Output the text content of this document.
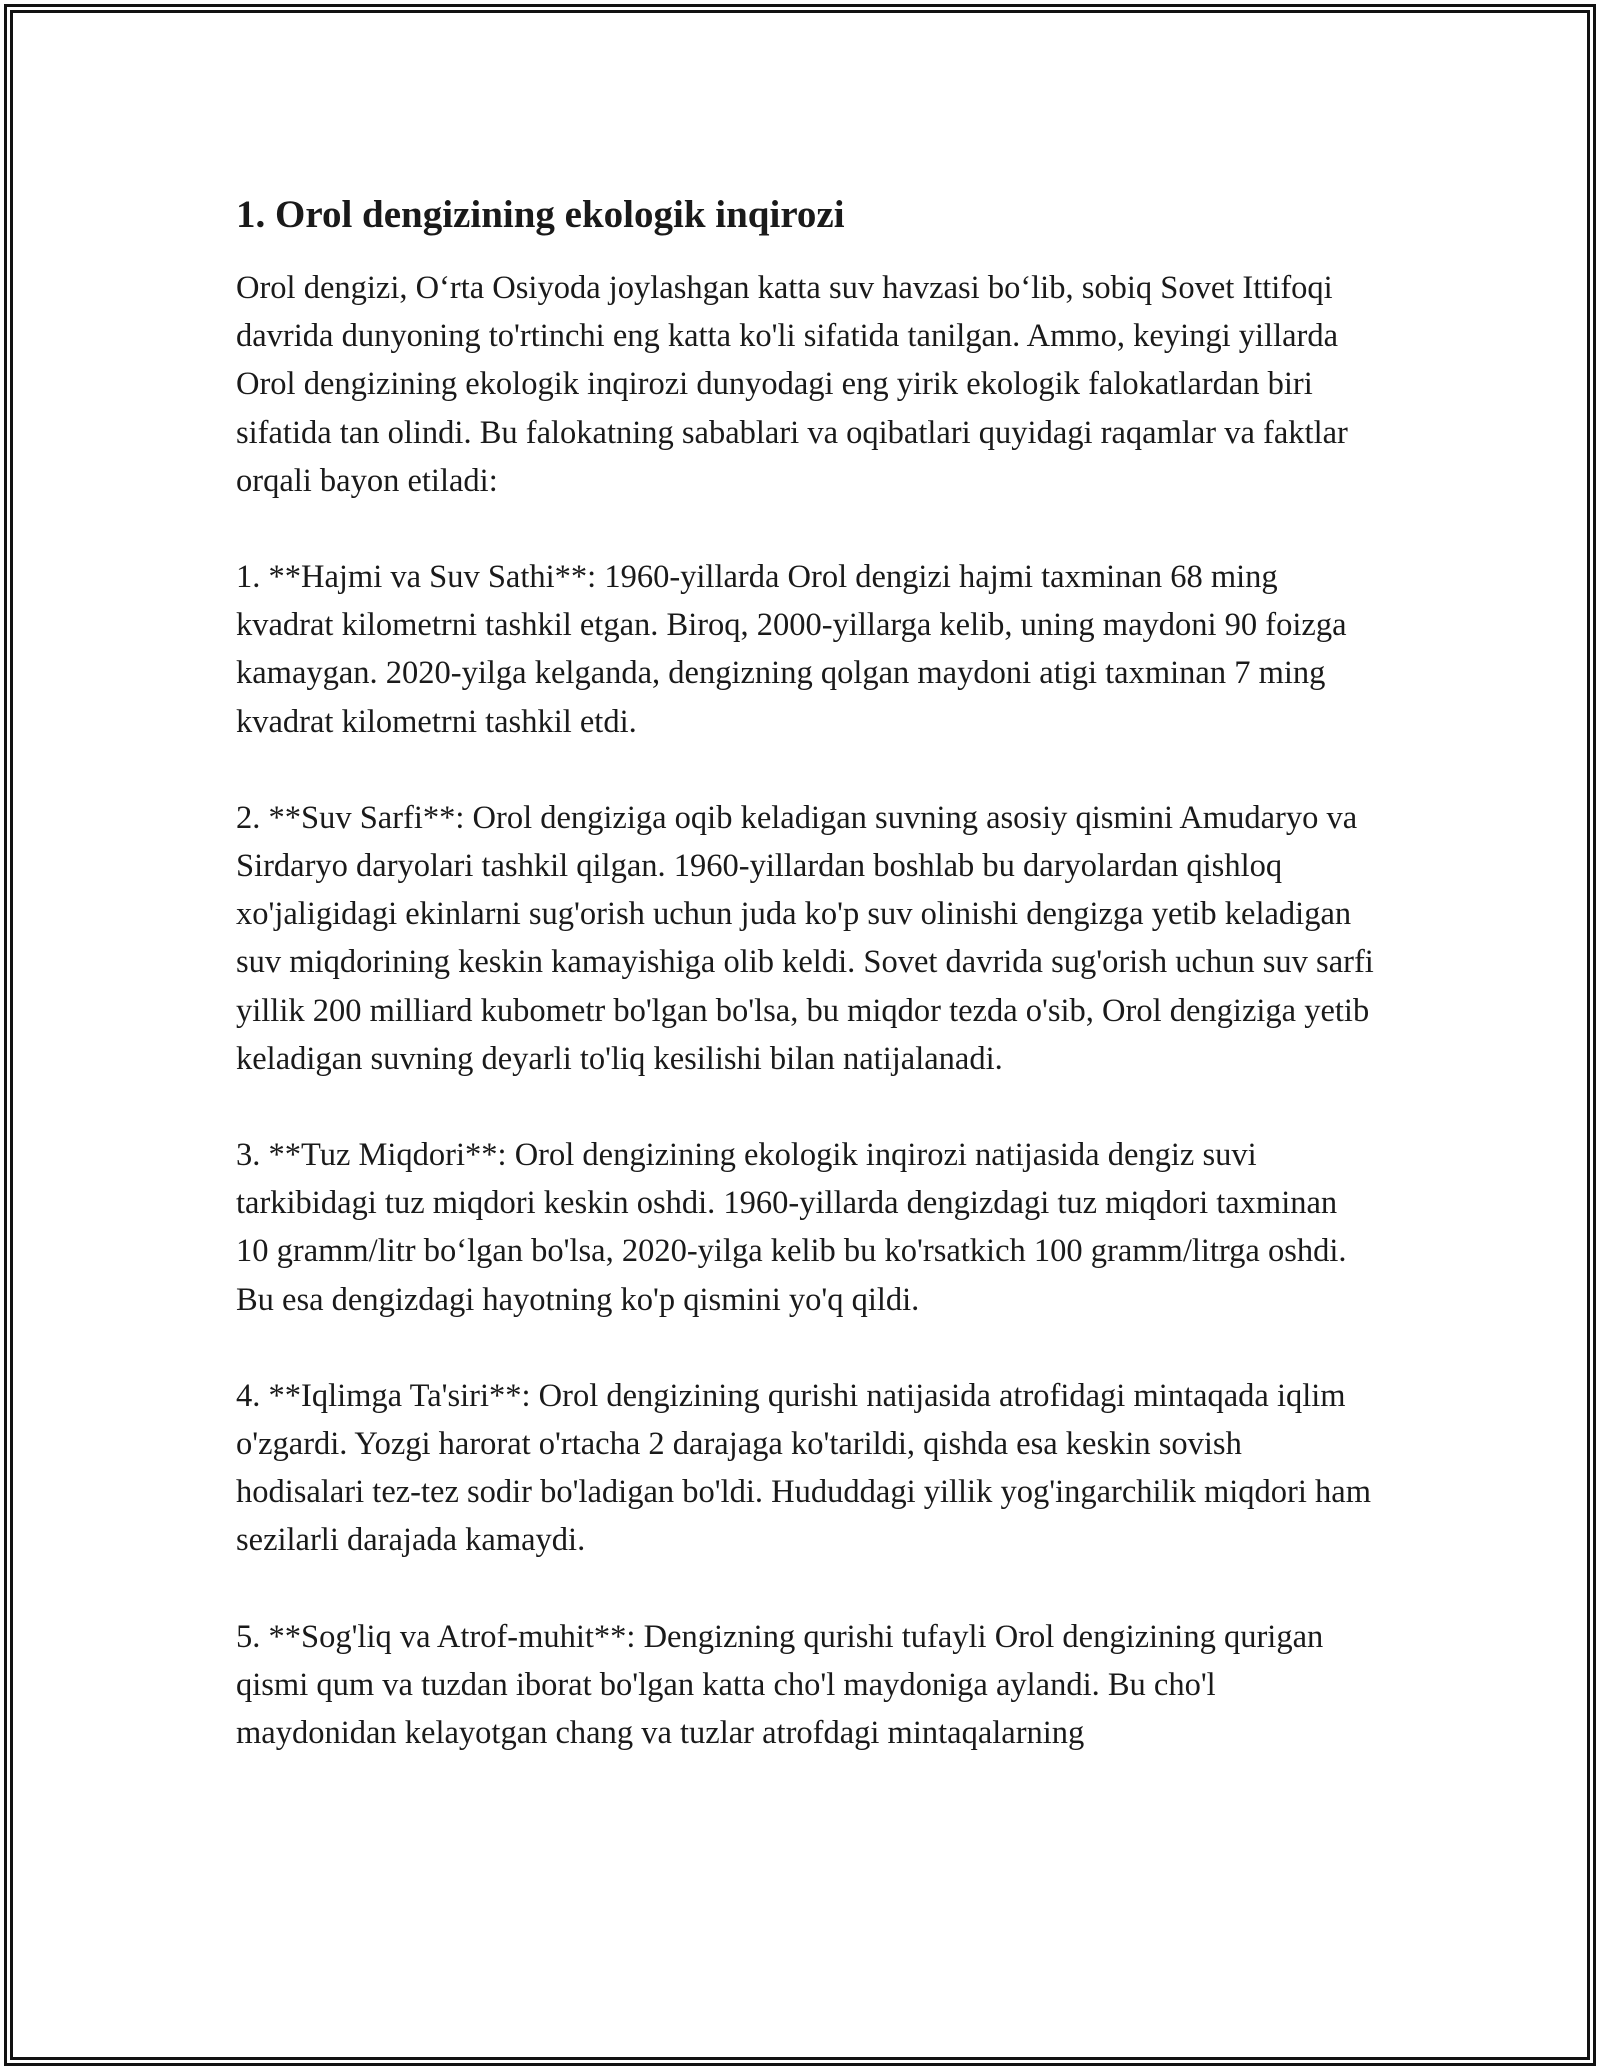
1. Orol dengizining ekologik inqirozi

Orol dengizi, O‘rta Osiyoda joylashgan katta suv havzasi bo‘lib, sobiq Sovet Ittifoqi davrida dunyoning to'rtinchi eng katta ko'li sifatida tanilgan. Ammo, keyingi yillarda Orol dengizining ekologik inqirozi dunyodagi eng yirik ekologik falokatlardan biri sifatida tan olindi. Bu falokatning sabablari va oqibatlari quyidagi raqamlar va faktlar orqali bayon etiladi:

1. **Hajmi va Suv Sathi**: 1960-yillarda Orol dengizi hajmi taxminan 68 ming kvadrat kilometrni tashkil etgan. Biroq, 2000-yillarga kelib, uning maydoni 90 foizga kamaygan. 2020-yilga kelganda, dengizning qolgan maydoni atigi taxminan 7 ming kvadrat kilometrni tashkil etdi.

2. **Suv Sarfi**: Orol dengiziga oqib keladigan suvning asosiy qismini Amudaryo va Sirdaryo daryolari tashkil qilgan. 1960-yillardan boshlab bu daryolardan qishloq xo'jaligidagi ekinlarni sug'orish uchun juda ko'p suv olinishi dengizga yetib keladigan suv miqdorining keskin kamayishiga olib keldi. Sovet davrida sug'orish uchun suv sarfi yillik 200 milliard kubometr bo'lgan bo'lsa, bu miqdor tezda o'sib, Orol dengiziga yetib keladigan suvning deyarli to'liq kesilishi bilan natijalanadi.

3. **Tuz Miqdori**: Orol dengizining ekologik inqirozi natijasida dengiz suvi tarkibidagi tuz miqdori keskin oshdi. 1960-yillarda dengizdagi tuz miqdori taxminan 10 gramm/litr bo‘lgan bo'lsa, 2020-yilga kelib bu ko'rsatkich 100 gramm/litrga oshdi. Bu esa dengizdagi hayotning ko'p qismini yo'q qildi.

4. **Iqlimga Ta'siri**: Orol dengizining qurishi natijasida atrofidagi mintaqada iqlim o'zgardi. Yozgi harorat o'rtacha 2 darajaga ko'tarildi, qishda esa keskin sovish hodisalari tez-tez sodir bo'ladigan bo'ldi. Hududdagi yillik yog'ingarchilik miqdori ham sezilarli darajada kamaydi.

5. **Sog'liq va Atrof-muhit**: Dengizning qurishi tufayli Orol dengizining qurigan qismi qum va tuzdan iborat bo'lgan katta cho'l maydoniga aylandi. Bu cho'l maydonidan kelayotgan chang va tuzlar atrofdagi mintaqalarning
